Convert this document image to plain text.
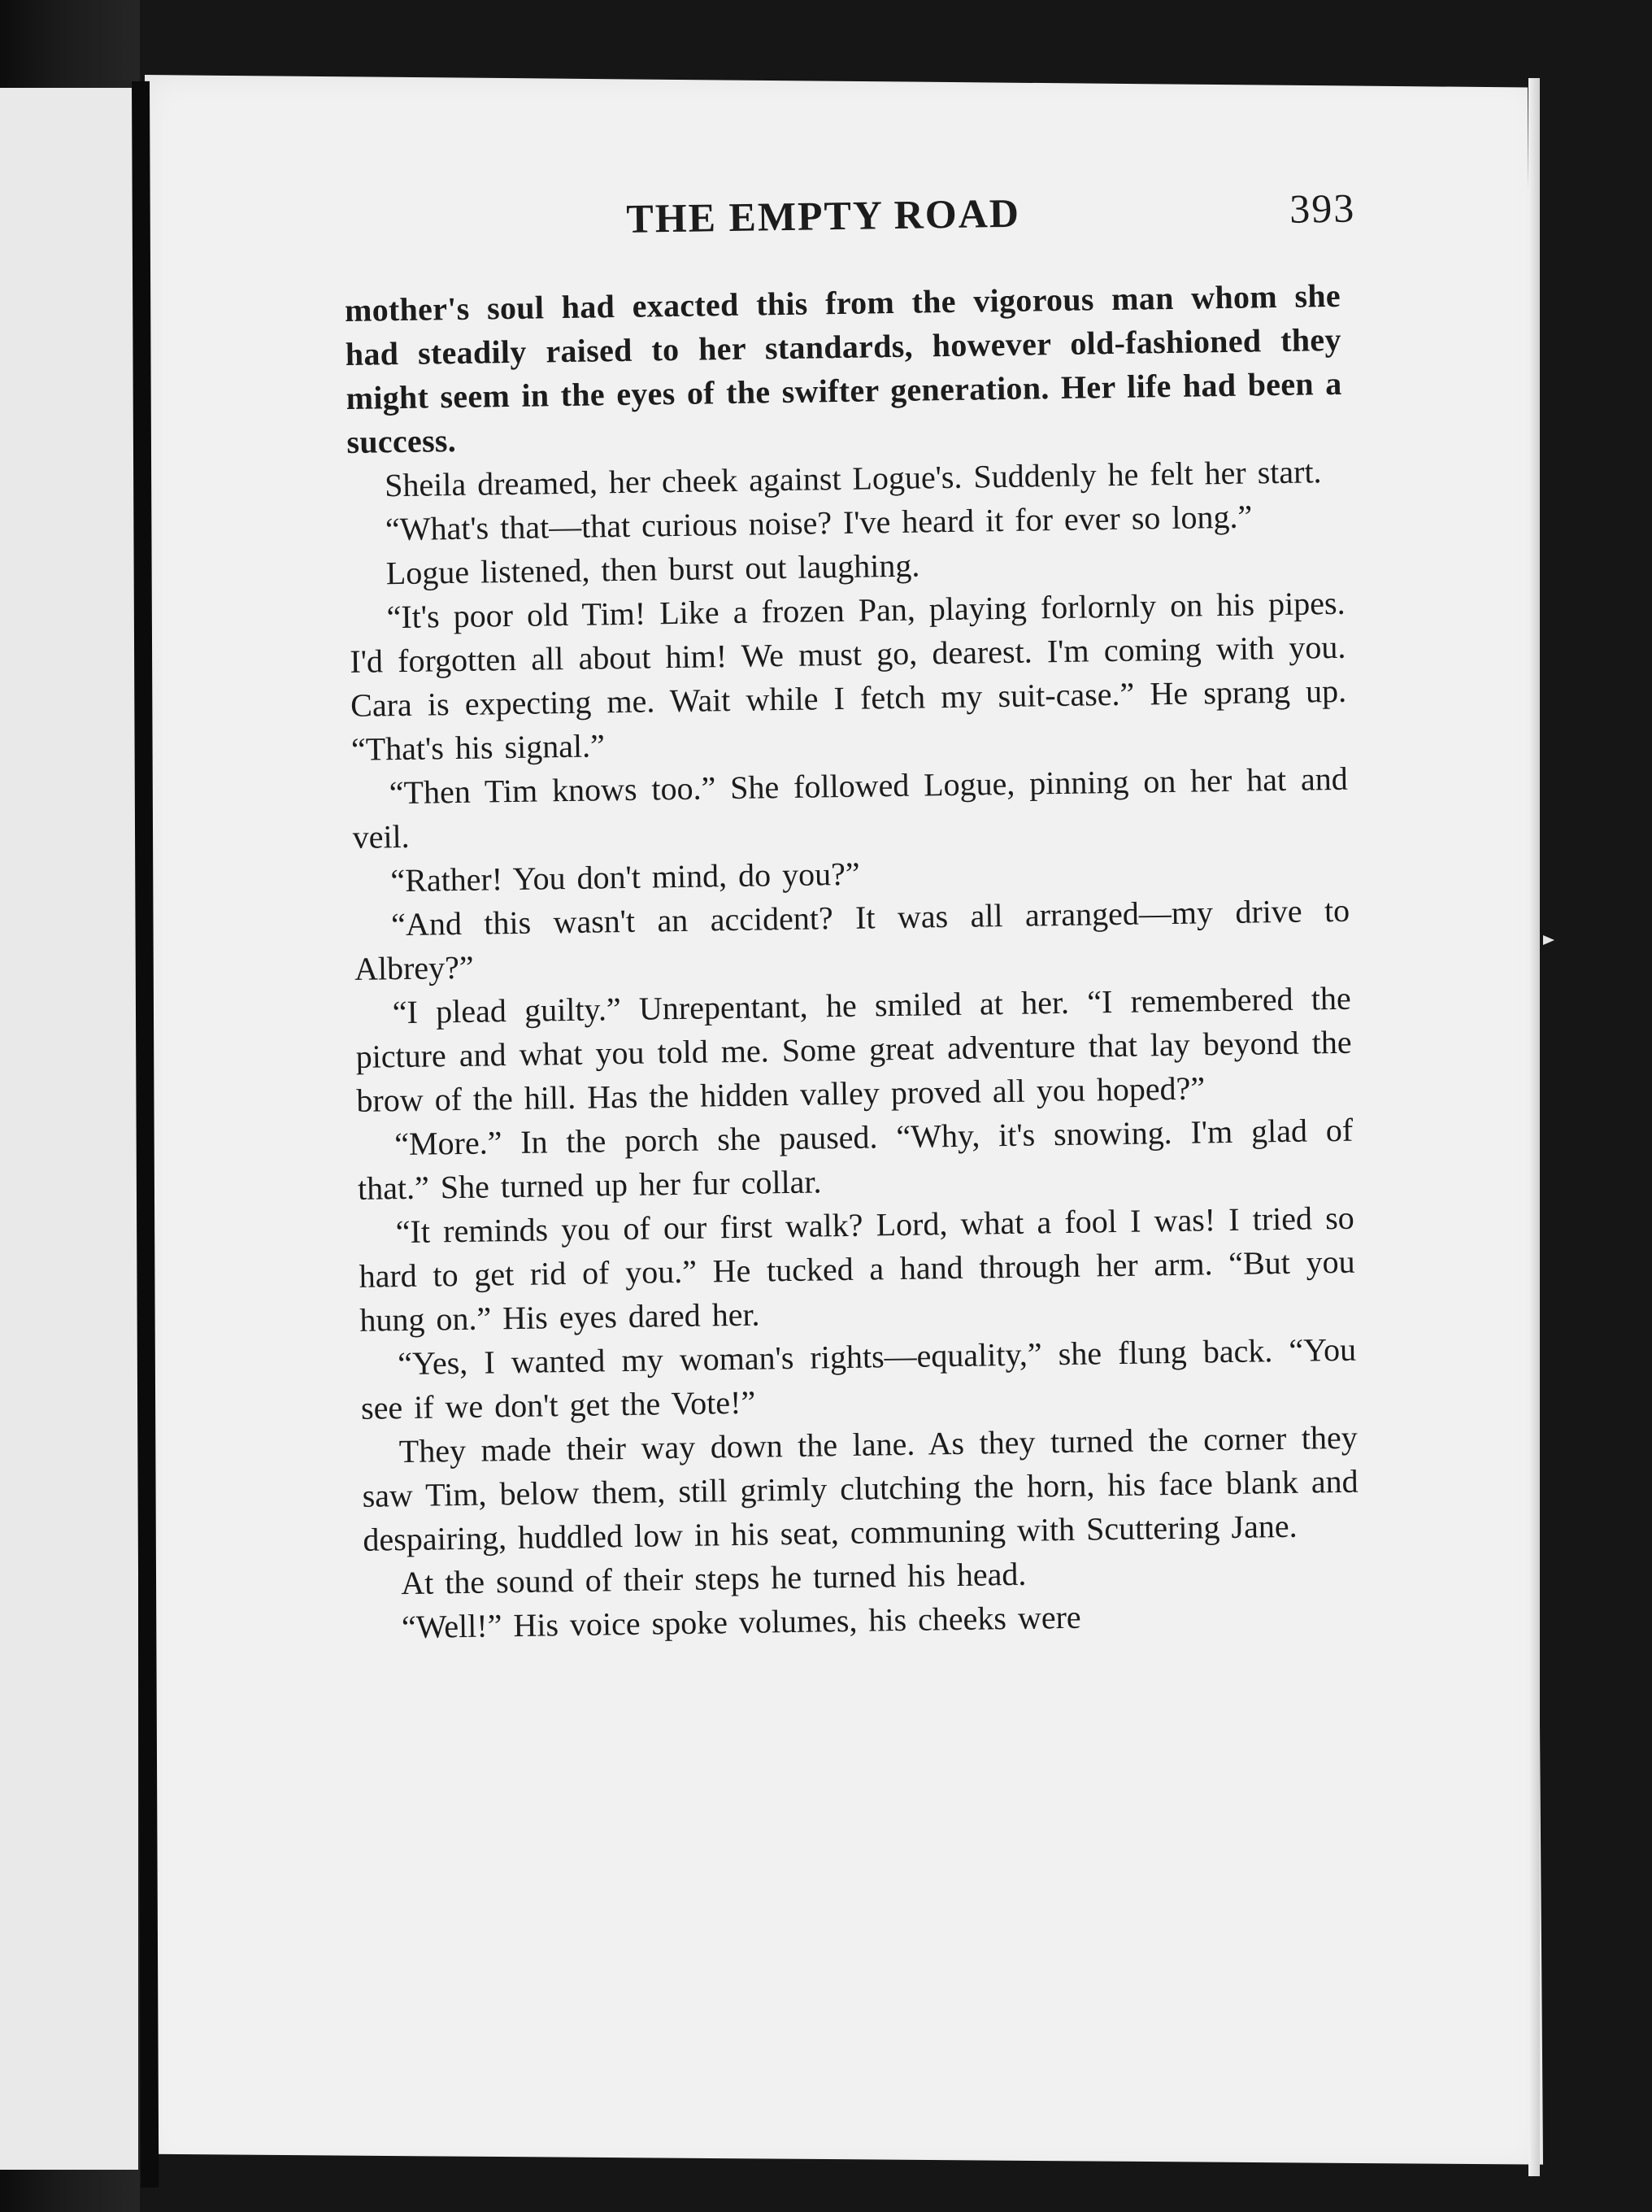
THE EMPTY ROAD	393

mother's soul had exacted this from the vigorous man whom she had steadily raised to her standards, however old-fashioned they might seem in the eyes of the swifter generation. Her life had been a success.

Sheila dreamed, her cheek against Logue's. Suddenly he felt her start.

“What's that—that curious noise? I've heard it for ever so long.”

Logue listened, then burst out laughing.

“It's poor old Tim! Like a frozen Pan, playing forlornly on his pipes. I'd forgotten all about him! We must go, dearest. I'm coming with you. Cara is expecting me. Wait while I fetch my suit-case.” He sprang up. “That's his signal.”

“Then Tim knows too.” She followed Logue, pinning on her hat and veil.

“Rather! You don't mind, do you?”

“And this wasn't an accident? It was all arranged—my drive to Albrey?”

“I plead guilty.” Unrepentant, he smiled at her. “I remembered the picture and what you told me. Some great adventure that lay beyond the brow of the hill. Has the hidden valley proved all you hoped?”

“More.” In the porch she paused. “Why, it's snowing. I'm glad of that.” She turned up her fur collar.

“It reminds you of our first walk? Lord, what a fool I was! I tried so hard to get rid of you.” He tucked a hand through her arm. “But you hung on.” His eyes dared her.

“Yes, I wanted my woman's rights—equality,” she flung back. “You see if we don't get the Vote!”

They made their way down the lane. As they turned the corner they saw Tim, below them, still grimly clutching the horn, his face blank and despairing, huddled low in his seat, communing with Scuttering Jane.

At the sound of their steps he turned his head.

“Well!” His voice spoke volumes, his cheeks were
